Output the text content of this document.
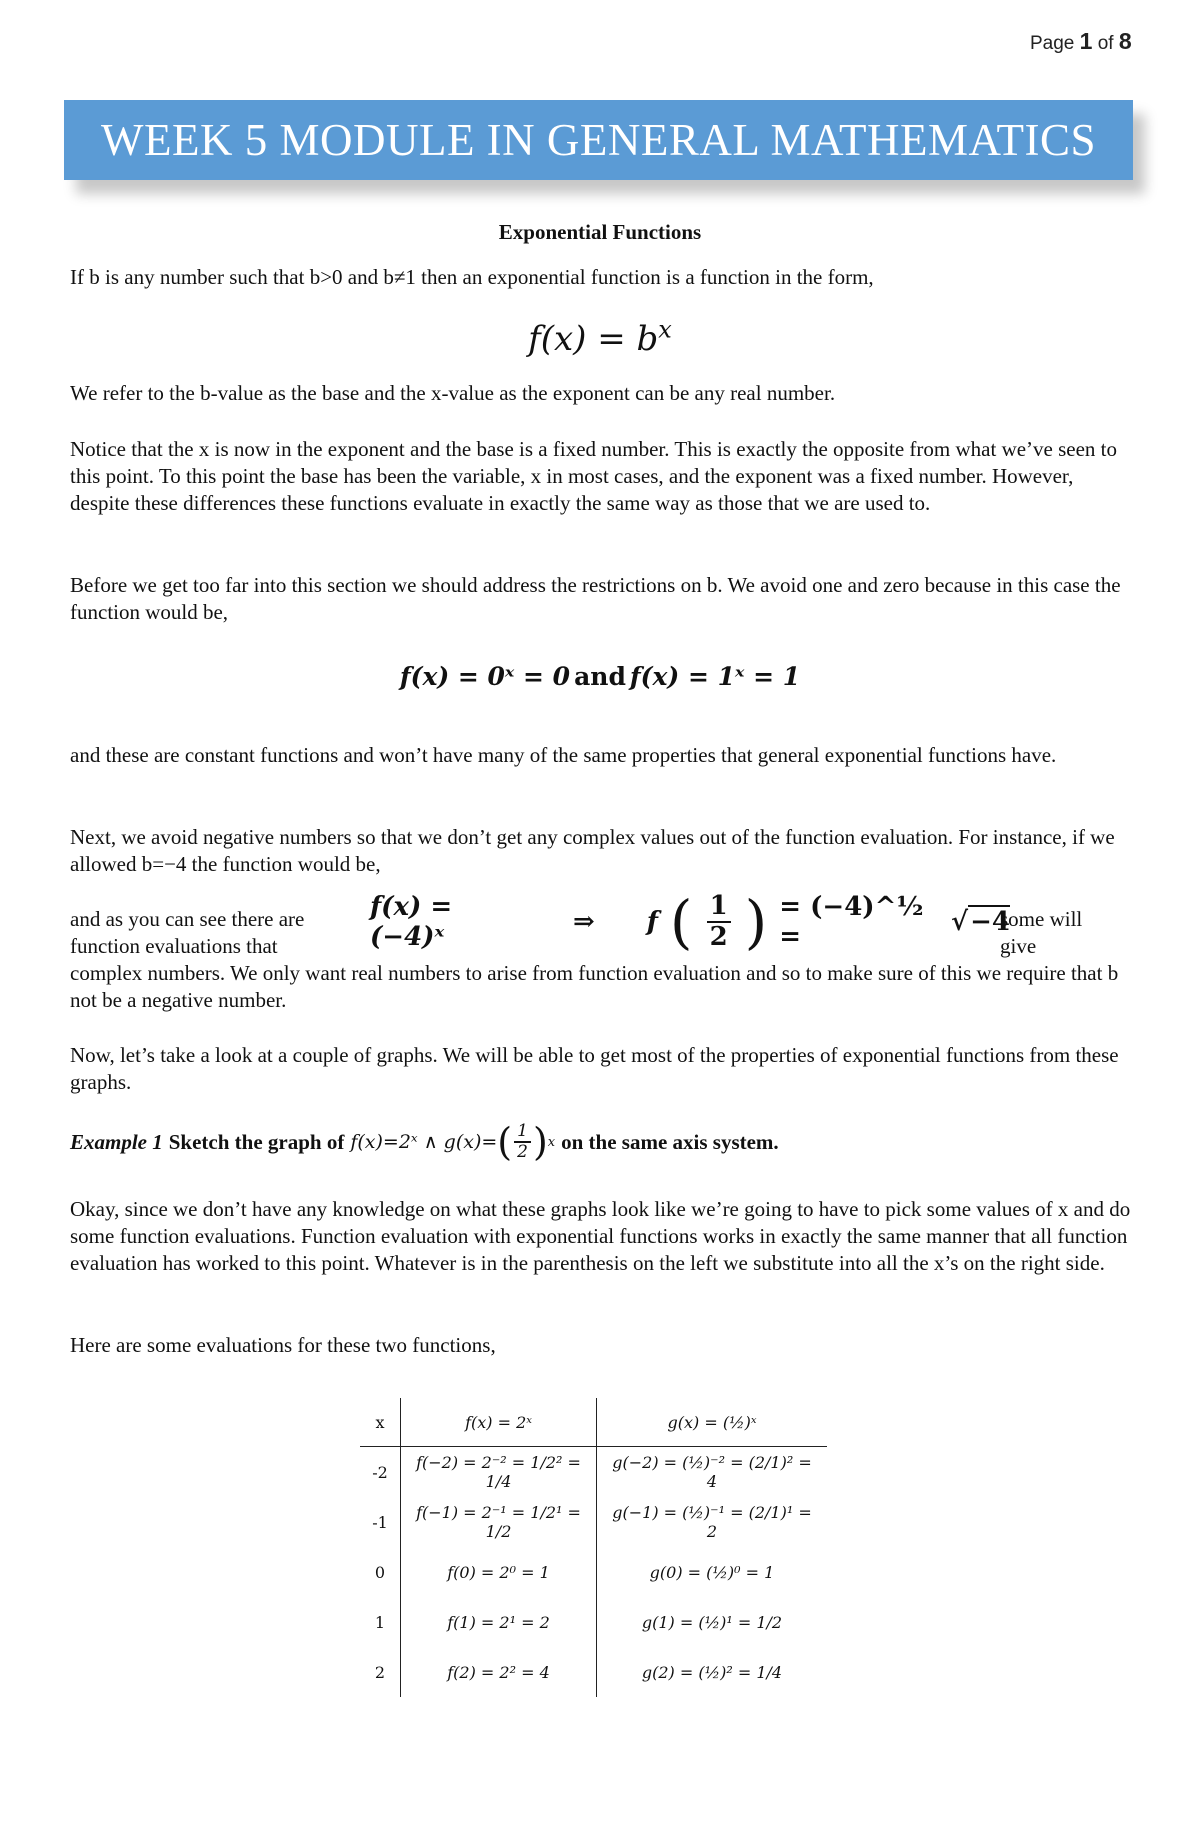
Page 1 of 8
WEEK 5 MODULE IN GENERAL MATHEMATICS
Exponential Functions
If b is any number such that b>0 and b≠1 then an exponential function is a function in the form,
$f(x) = b^x$
We refer to the b-value as the base and the x-value as the exponent can be any real number.
Notice that the x is now in the exponent and the base is a fixed number. This is exactly the opposite from what we’ve seen to this point. To this point the base has been the variable, x in most cases, and the exponent was a fixed number. However, despite these differences these functions evaluate in exactly the same way as those that we are used to.
Before we get too far into this section we should address the restrictions on b. We avoid one and zero because in this case the function would be,
f(x) = 0ˣ = 0 and f(x) = 1ˣ = 1
and these are constant functions and won’t have many of the same properties that general exponential functions have.
Next, we avoid negative numbers so that we don’t get any complex values out of the function evaluation. For instance, if we allowed b=−4 the function would be,
and as you can see there are function evaluations that
f(x) = (−4)ˣ	⇒ f ( $\frac{1}{2}$ ) = (−4)^½ =	√−4
some will give
complex numbers. We only want real numbers to arise from function evaluation and so to make sure of this we require that b not be a negative number.
Now, let’s take a look at a couple of graphs. We will be able to get most of the properties of exponential functions from these graphs.
Example 1 Sketch the graph of f(x)=2ˣ ∧ g(x)= ( $\frac{1}{2}$ ) x on the same axis system.
Okay, since we don’t have any knowledge on what these graphs look like we’re going to have to pick some values of x and do some function evaluations. Function evaluation with exponential functions works in exactly the same manner that all function evaluation has worked to this point. Whatever is in the parenthesis on the left we substitute into all the x’s on the right side.
Here are some evaluations for these two functions,
x	f(x) = 2ˣ	g(x) = (½)ˣ
-2	f(−2) = 2⁻² = 1/2² = 1/4	g(−2) = (½)⁻² = (2/1)² = 4
-1	f(−1) = 2⁻¹ = 1/2¹ = 1/2	g(−1) = (½)⁻¹ = (2/1)¹ = 2
0	f(0) = 2⁰ = 1	g(0) = (½)⁰ = 1
1	f(1) = 2¹ = 2	g(1) = (½)¹ = 1/2
2	f(2) = 2² = 4	g(2) = (½)² = 1/4
